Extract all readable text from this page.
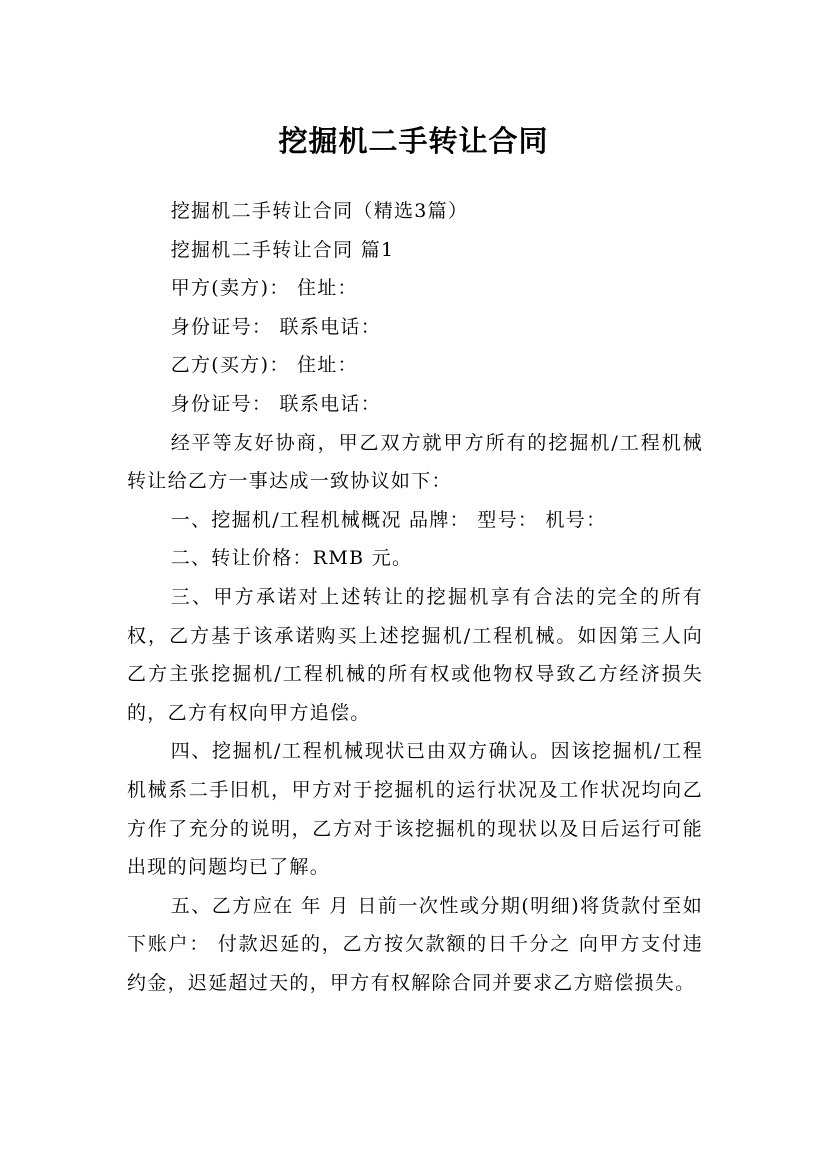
挖掘机二手转让合同

挖掘机二手转让合同（精选3篇）

挖掘机二手转让合同 篇1

甲方(卖方)： 住址：

身份证号： 联系电话：

乙方(买方)： 住址：

身份证号： 联系电话：

经平等友好协商，甲乙双方就甲方所有的挖掘机/工程机械转让给乙方一事达成一致协议如下：

一、挖掘机/工程机械概况 品牌： 型号： 机号：

二、转让价格：RMB 元。

三、甲方承诺对上述转让的挖掘机享有合法的完全的所有权，乙方基于该承诺购买上述挖掘机/工程机械。如因第三人向乙方主张挖掘机/工程机械的所有权或他物权导致乙方经济损失的，乙方有权向甲方追偿。

四、挖掘机/工程机械现状已由双方确认。因该挖掘机/工程机械系二手旧机，甲方对于挖掘机的运行状况及工作状况均向乙方作了充分的说明，乙方对于该挖掘机的现状以及日后运行可能出现的问题均已了解。

五、乙方应在 年 月 日前一次性或分期(明细)将货款付至如下账户： 付款迟延的，乙方按欠款额的日千分之 向甲方支付违约金，迟延超过天的，甲方有权解除合同并要求乙方赔偿损失。
